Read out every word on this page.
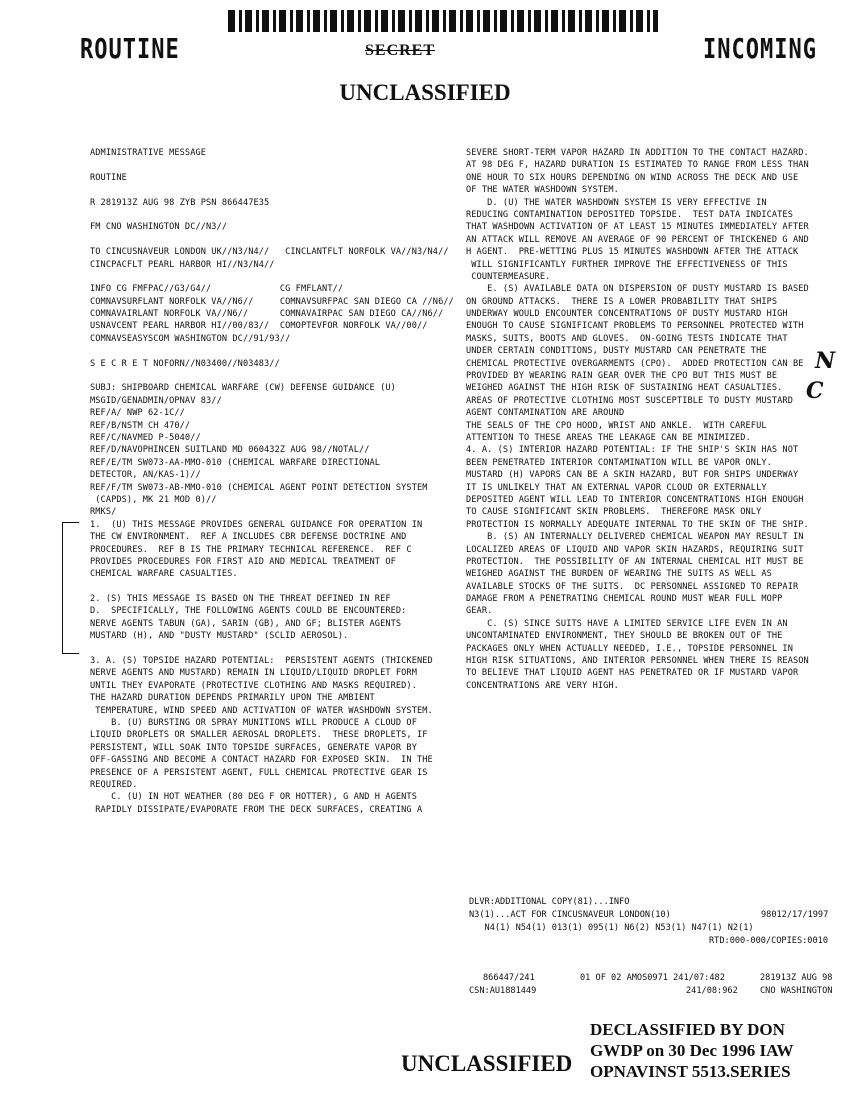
ROUTINE	INCOMING
SECRET
UNCLASSIFIED
ADMINISTRATIVE MESSAGE
ROUTINE
R 281913Z AUG 98 ZYB PSN 866447E35
FM CNO WASHINGTON DC//N3//
TO CINCUSNAVEUR LONDON UK//N3/N4//   CINCLANTFLT NORFOLK VA//N3/N4//
CINCPACFLT PEARL HARBOR HI//N3/N4//
INFO CG FMFPAC//G3/G4//             CG FMFLANT//
COMNAVSURFLANT NORFOLK VA//N6//     COMNAVSURFPAC SAN DIEGO CA //N6//
COMNAVAIRLANT NORFOLK VA//N6//      COMNAVAIRPAC SAN DIEGO CA//N6//
USNAVCENT PEARL HARBOR HI//00/83//  COMOPTEVFOR NORFOLK VA//00//
COMNAVSEASYSCOM WASHINGTON DC//91/93//
S E C R E T NOFORN//N03400//N03483//
SUBJ: SHIPBOARD CHEMICAL WARFARE (CW) DEFENSE GUIDANCE (U)
MSGID/GENADMIN/OPNAV 83//
REF/A/ NWP 62-1C//
REF/B/NSTM CH 470//
REF/C/NAVMED P-5040//
REF/D/NAVOPHINCEN SUITLAND MD 060432Z AUG 98//NOTAL//
REF/E/TM SW073-AA-MMO-010 (CHEMICAL WARFARE DIRECTIONAL
DETECTOR, AN/KAS-1)//
REF/F/TM SW073-AB-MMO-010 (CHEMICAL AGENT POINT DETECTION SYSTEM
(CAPDS), MK 21 MOD 0)//
RMKS/
1.  (U) THIS MESSAGE PROVIDES GENERAL GUIDANCE FOR OPERATION IN
THE CW ENVIRONMENT.  REF A INCLUDES CBR DEFENSE DOCTRINE AND
PROCEDURES.  REF B IS THE PRIMARY TECHNICAL REFERENCE.  REF C
PROVIDES PROCEDURES FOR FIRST AID AND MEDICAL TREATMENT OF
CHEMICAL WARFARE CASUALTIES.
2. (S) THIS MESSAGE IS BASED ON THE THREAT DEFINED IN REF
D.  SPECIFICALLY, THE FOLLOWING AGENTS COULD BE ENCOUNTERED:
NERVE AGENTS TABUN (GA), SARIN (GB), AND GF; BLISTER AGENTS
MUSTARD (H), AND "DUSTY MUSTARD" (SCLID AEROSOL).
3. A. (S) TOPSIDE HAZARD POTENTIAL:  PERSISTENT AGENTS (THICKENED
NERVE AGENTS AND MUSTARD) REMAIN IN LIQUID/LIQUID DROPLET FORM
UNTIL THEY EVAPORATE (PROTECTIVE CLOTHING AND MASKS REQUIRED).
THE HAZARD DURATION DEPENDS PRIMARILY UPON THE AMBIENT
TEMPERATURE, WIND SPEED AND ACTIVATION OF WATER WASHDOWN SYSTEM.
B. (U) BURSTING OR SPRAY MUNITIONS WILL PRODUCE A CLOUD OF
LIQUID DROPLETS OR SMALLER AEROSAL DROPLETS.  THESE DROPLETS, IF
PERSISTENT, WILL SOAK INTO TOPSIDE SURFACES, GENERATE VAPOR BY
OFF-GASSING AND BECOME A CONTACT HAZARD FOR EXPOSED SKIN.  IN THE
PRESENCE OF A PERSISTENT AGENT, FULL CHEMICAL PROTECTIVE GEAR IS
REQUIRED.
C. (U) IN HOT WEATHER (80 DEG F OR HOTTER), G AND H AGENTS
RAPIDLY DISSIPATE/EVAPORATE FROM THE DECK SURFACES, CREATING A
SEVERE SHORT-TERM VAPOR HAZARD IN ADDITION TO THE CONTACT HAZARD.
AT 98 DEG F, HAZARD DURATION IS ESTIMATED TO RANGE FROM LESS THAN
ONE HOUR TO SIX HOURS DEPENDING ON WIND ACROSS THE DECK AND USE
OF THE WATER WASHDOWN SYSTEM.
D. (U) THE WATER WASHDOWN SYSTEM IS VERY EFFECTIVE IN
REDUCING CONTAMINATION DEPOSITED TOPSIDE.  TEST DATA INDICATES
THAT WASHDOWN ACTIVATION OF AT LEAST 15 MINUTES IMMEDIATELY AFTER
AN ATTACK WILL REMOVE AN AVERAGE OF 90 PERCENT OF THICKENED G AND
H AGENT.  PRE-WETTING PLUS 15 MINUTES WASHDOWN AFTER THE ATTACK
WILL SIGNIFICANTLY FURTHER IMPROVE THE EFFECTIVENESS OF THIS
COUNTERMEASURE.
E. (S) AVAILABLE DATA ON DISPERSION OF DUSTY MUSTARD IS BASED
ON GROUND ATTACKS.  THERE IS A LOWER PROBABILITY THAT SHIPS
UNDERWAY WOULD ENCOUNTER CONCENTRATIONS OF DUSTY MUSTARD HIGH
ENOUGH TO CAUSE SIGNIFICANT PROBLEMS TO PERSONNEL PROTECTED WITH
MASKS, SUITS, BOOTS AND GLOVES.  ON-GOING TESTS INDICATE THAT
UNDER CERTAIN CONDITIONS, DUSTY MUSTARD CAN PENETRATE THE
CHEMICAL PROTECTIVE OVERGARMENTS (CPO).  ADDED PROTECTION CAN BE
PROVIDED BY WEARING RAIN GEAR OVER THE CPO BUT THIS MUST BE
WEIGHED AGAINST THE HIGH RISK OF SUSTAINING HEAT CASUALTIES.
AREAS OF PROTECTIVE CLOTHING MOST SUSCEPTIBLE TO DUSTY MUSTARD
AGENT CONTAMINATION ARE AROUND
THE SEALS OF THE CPO HOOD, WRIST AND ANKLE.  WITH CAREFUL
ATTENTION TO THESE AREAS THE LEAKAGE CAN BE MINIMIZED.
4. A. (S) INTERIOR HAZARD POTENTIAL: IF THE SHIP'S SKIN HAS NOT
BEEN PENETRATED INTERIOR CONTAMINATION WILL BE VAPOR ONLY.
MUSTARD (H) VAPORS CAN BE A SKIN HAZARD, BUT FOR SHIPS UNDERWAY
IT IS UNLIKELY THAT AN EXTERNAL VAPOR CLOUD OR EXTERNALLY
DEPOSITED AGENT WILL LEAD TO INTERIOR CONCENTRATIONS HIGH ENOUGH
TO CAUSE SIGNIFICANT SKIN PROBLEMS.  THEREFORE MASK ONLY
PROTECTION IS NORMALLY ADEQUATE INTERNAL TO THE SKIN OF THE SHIP.
B. (S) AN INTERNALLY DELIVERED CHEMICAL WEAPON MAY RESULT IN
LOCALIZED AREAS OF LIQUID AND VAPOR SKIN HAZARDS, REQUIRING SUIT
PROTECTION.  THE POSSIBILITY OF AN INTERNAL CHEMICAL HIT MUST BE
WEIGHED AGAINST THE BURDEN OF WEARING THE SUITS AS WELL AS
AVAILABLE STOCKS OF THE SUITS.  DC PERSONNEL ASSIGNED TO REPAIR
DAMAGE FROM A PENETRATING CHEMICAL ROUND MUST WEAR FULL MOPP
GEAR.
C. (S) SINCE SUITS HAVE A LIMITED SERVICE LIFE EVEN IN AN
UNCONTAMINATED ENVIRONMENT, THEY SHOULD BE BROKEN OUT OF THE
PACKAGES ONLY WHEN ACTUALLY NEEDED, I.E., TOPSIDE PERSONNEL IN
HIGH RISK SITUATIONS, AND INTERIOR PERSONNEL WHEN THERE IS REASON
TO BELIEVE THAT LIQUID AGENT HAS PENETRATED OR IF MUSTARD VAPOR
CONCENTRATIONS ARE VERY HIGH.
N
C
DLVR:ADDITIONAL COPY(81)...INFO
N3(1)...ACT FOR CINCUSNAVEUR LONDON(10)	98012/17/1997
N4(1) N54(1) 013(1) 095(1) N6(2) N53(1) N47(1) N2(1)
RTD:000-000/COPIES:0010
866447/241
CSN:AU1881449
01 OF 02 AMOS0971 241/07:482
241/08:962
281913Z AUG 98
CNO WASHINGTON
DECLASSIFIED BY DON
GWDP on 30 Dec 1996 IAW
OPNAVINST 5513.SERIES
UNCLASSIFIED
